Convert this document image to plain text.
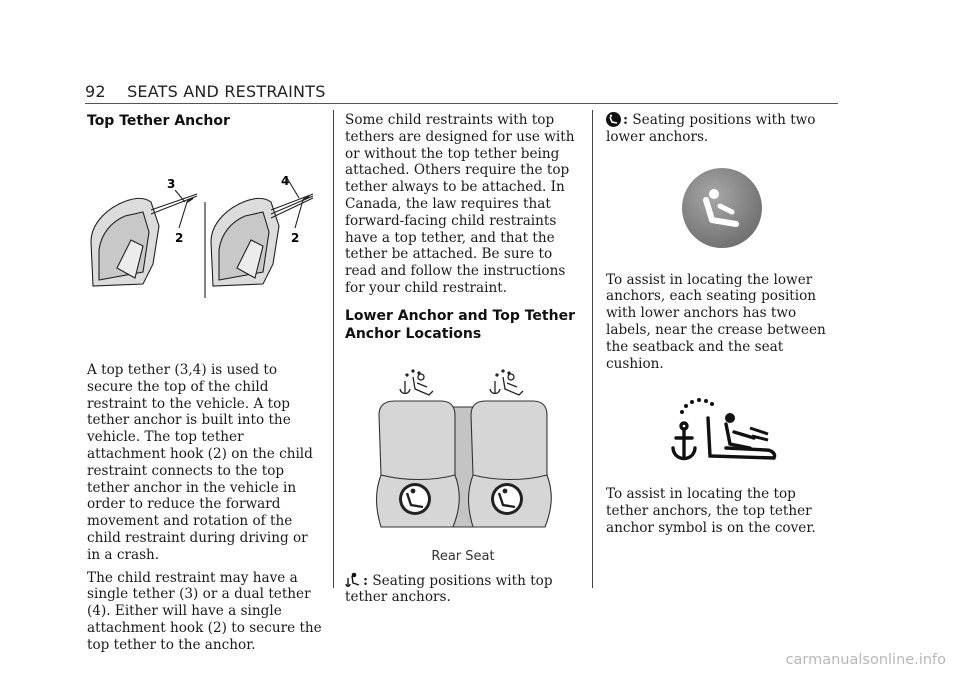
92 SEATS AND RESTRAINTS
Top Tether Anchor
3	4
2	2

A top tether (3,4) is used to secure the top of the child restraint to the vehicle. A top tether anchor is built into the vehicle. The top tether attachment hook (2) on the child restraint connects to the top tether anchor in the vehicle in order to reduce the forward movement and rotation of the child restraint during driving or in a crash.

The child restraint may have a single tether (3) or a dual tether (4). Either will have a single attachment hook (2) to secure the top tether to the anchor.

Some child restraints with top tethers are designed for use with or without the top tether being attached. Others require the top tether always to be attached. In Canada, the law requires that forward-facing child restraints have a top tether, and that the tether be attached. Be sure to read and follow the instructions for your child restraint.

Lower Anchor and Top Tether Anchor Locations
Rear Seat

: Seating positions with top tether anchors.

: Seating positions with two lower anchors.

To assist in locating the lower anchors, each seating position with lower anchors has two labels, near the crease between the seatback and the seat cushion.

To assist in locating the top tether anchors, the top tether anchor symbol is on the cover.

carmanualsonline.info
